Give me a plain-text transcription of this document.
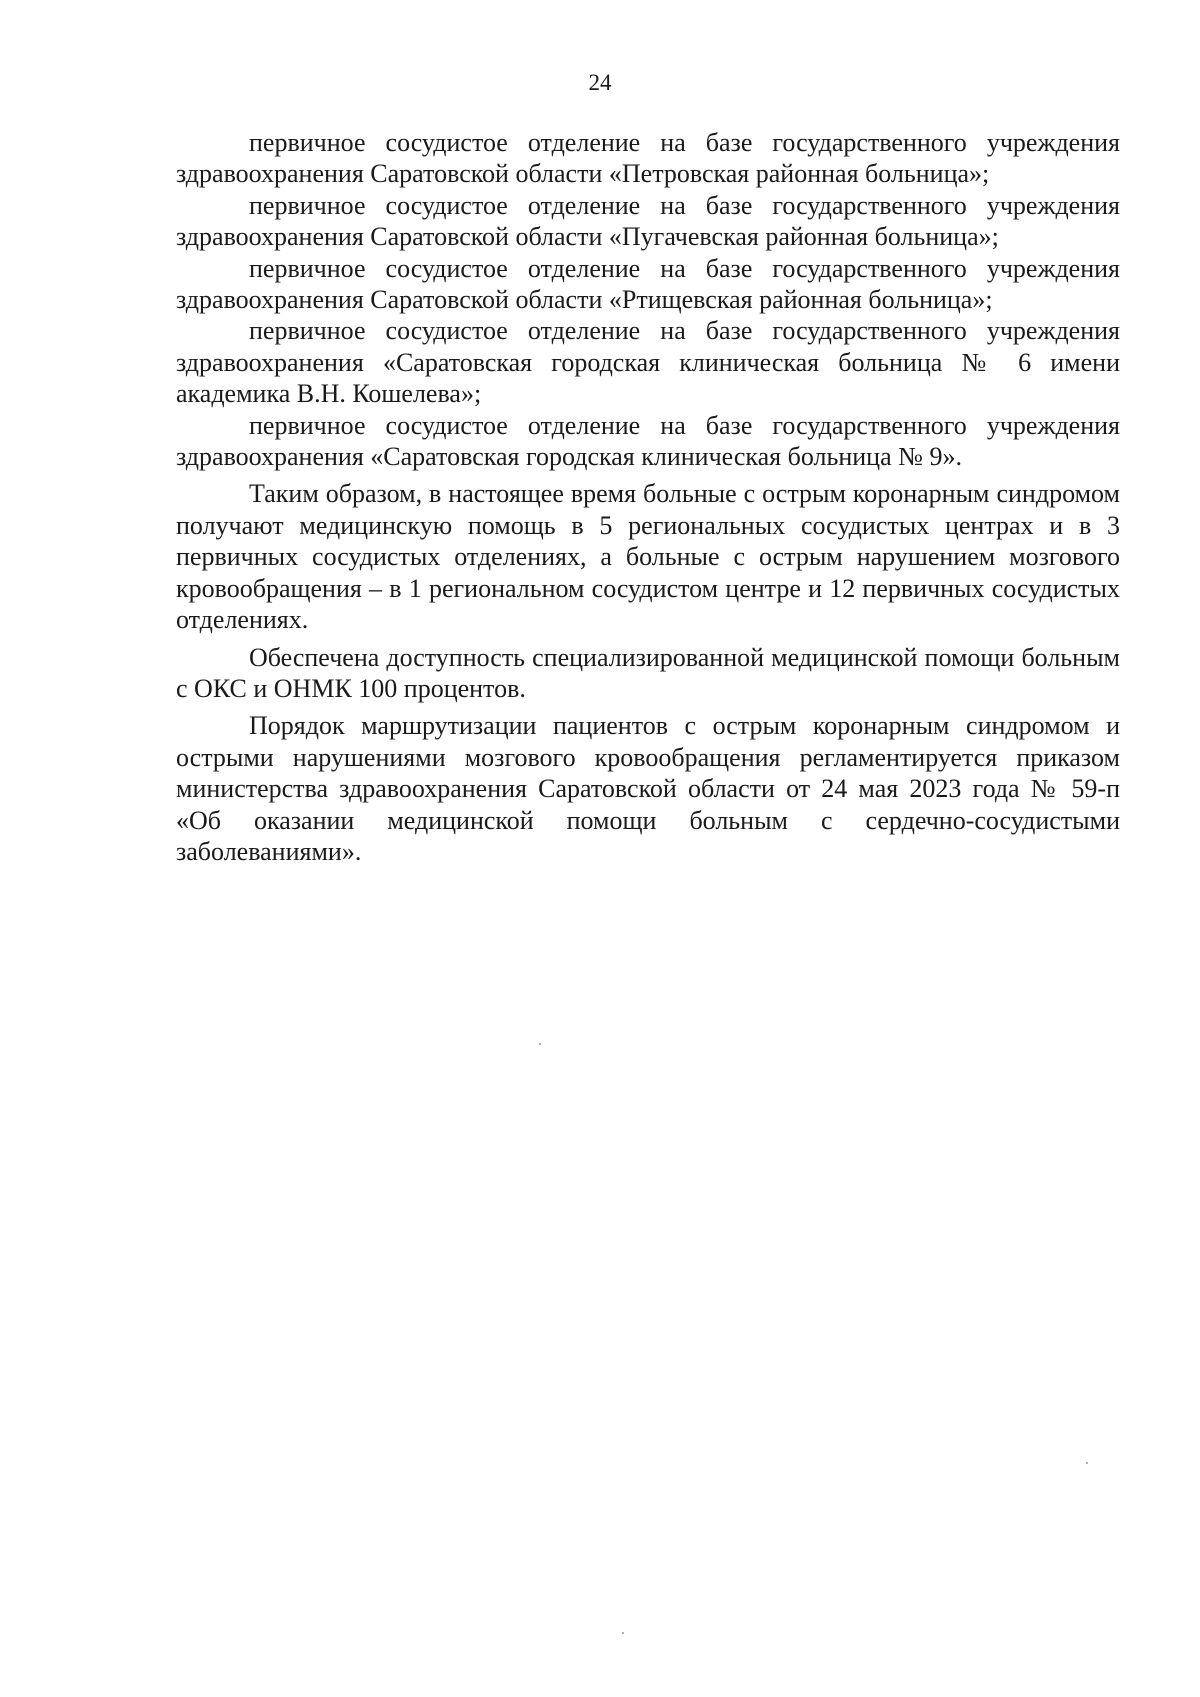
24

первичное сосудистое отделение на базе государственного учреждения здравоохранения Саратовской области «Петровская районная больница»;

первичное сосудистое отделение на базе государственного учреждения здравоохранения Саратовской области «Пугачевская районная больница»;

первичное сосудистое отделение на базе государственного учреждения здравоохранения Саратовской области «Ртищевская районная больница»;

первичное сосудистое отделение на базе государственного учреждения здравоохранения «Саратовская городская клиническая больница № 6 имени академика В.Н. Кошелева»;

первичное сосудистое отделение на базе государственного учреждения здравоохранения «Саратовская городская клиническая больница № 9».

Таким образом, в настоящее время больные с острым коронарным синдромом получают медицинскую помощь в 5 региональных сосудистых центрах и в 3 первичных сосудистых отделениях, а больные с острым нарушением мозгового кровообращения – в 1 региональном сосудистом центре и 12 первичных сосудистых отделениях.

Обеспечена доступность специализированной медицинской помощи больным с ОКС и ОНМК 100 процентов.

Порядок маршрутизации пациентов с острым коронарным синдромом и острыми нарушениями мозгового кровообращения регламентируется приказом министерства здравоохранения Саратовской области от 24 мая 2023 года № 59-п «Об оказании медицинской помощи больным с сердечно-сосудистыми заболеваниями».
